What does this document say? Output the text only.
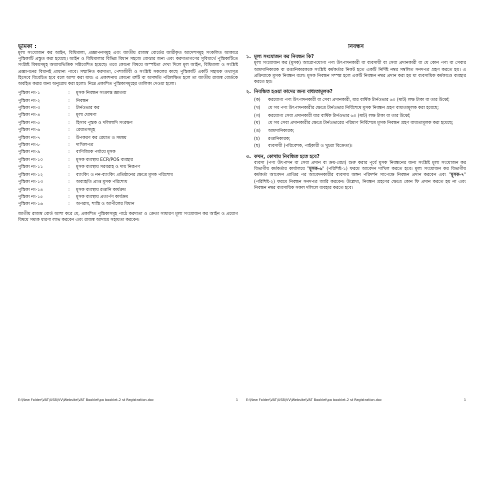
ভূমিকা :

মূল্য সংযোজন কর আইন, বিধিমালা, প্রজ্ঞাপনসমূহ এবং জাতীয় রাজস্ব বোর্ডের জারীকৃত আদেশসমূহ সংকলিত আকারে পুস্তিকাটি প্রস্তুত করা হয়েছে। আইন ও বিধিমালার বিভিন্ন বিধান সহজে বোঝার জন্য এবং করদাতাগণের সুবিধার্থে পুস্তিকাটিতে সংশ্লিষ্ট বিষয়সমূহ অধ্যায়ভিত্তিক সন্নিবেশিত হয়েছে। তবে কোনো বিষয়ে অস্পষ্টতা দেখা দিলে মূল আইন, বিধিমালা ও সংশ্লিষ্ট প্রজ্ঞাপনের বিধানই প্রাধান্য পাবে। সম্মানিত করদাতা, পেশাজীবী ও সংশ্লিষ্ট সকলের কাছে পুস্তিকাটি একটি সহায়ক তথ্যসূত্র হিসেবে বিবেচিত হবে বলে আশা করা যায়। এ প্রকাশনায় কোনো ত্রুটি বা অসঙ্গতি পরিলক্ষিত হলে তা জাতীয় রাজস্ব বোর্ডকে অবহিত করার জন্য অনুরোধ করা হলো। নিম্নে প্রকাশিত পুস্তিকাসমূহের তালিকা দেওয়া হলো।

পুস্তিকা নং-১	:	মূসক নিবন্ধন সংক্রান্ত জ্ঞাতব্য
পুস্তিকা নং-২	:	নিবন্ধন
পুস্তিকা নং-৩	:	টার্নওভার কর
পুস্তিকা নং-৪	:	মূল্য ঘোষণা
পুস্তিকা নং-৫	:	হিসাব পুস্তক ও দলিলাদি সংরক্ষণ
পুস্তিকা নং-৬	:	রেয়াতসমূহ
পুস্তিকা নং-৭	:	উপকরণ কর রেয়াত ও সমন্বয়
পুস্তিকা নং-৮	:	দাখিলপত্র
পুস্তিকা নং-৯	:	বাণিজ্যিক পর্যায়ে মূসক
পুস্তিকা নং-১০	:	মূসক ব্যবস্থায় ECR/POS ব্যবহার
পুস্তিকা নং-১১	:	মূসক ব্যবস্থায় সরবরাহ ও দায় নিরূপণ
পুস্তিকা নং-১২	:	ব্যাংকিং ও নন-ব্যাংকিং প্রতিষ্ঠানের ক্ষেত্রে মূসক পরিশোধ
পুস্তিকা নং-১৩	:	অব্যাহতি প্রাপ্ত মূসক পরিশোধ
পুস্তিকা নং-১৪	:	মূসক ব্যবস্থায় রপ্তানি কার্যক্রম
পুস্তিকা নং-১৫	:	মূসক ব্যবস্থায় প্রত্যর্পণ কার্যক্রম
পুস্তিকা নং-১৬	:	অপরাধ, শাস্তি ও আপীলের বিধান

জাতীয় রাজস্ব বোর্ড আশা করে যে, প্রকাশিত পুস্তিকাসমূহ পাঠে করদাতা ও ক্রেতা সাধারণ মূল্য সংযোজন কর আইন ও প্রয়োগ বিষয়ে সম্যক ধারণা লাভ করবেন এবং রাজস্ব আদায়ে সহায়তা করবেন।

নিবন্ধন
১. মূল্য সংযোজন কর নিবন্ধন কি?

মূল্য সংযোজন কর (মূসক) আরোপযোগ্য পণ্য উৎপাদনকারী বা ব্যবসায়ী বা সেবা প্রদানকারী বা যে কোন পণ্য বা সেবার আমদানিকারক বা রপ্তানিকারককে সংশ্লিষ্ট কর্মকর্তার নিকট হতে একটি নির্দিষ্ট নম্বর সম্বলিত সনদপত্র গ্রহণ করতে হয়। এ প্রক্রিয়াকে মূসক নিবন্ধন বলে। মূসক নিবন্ধন সম্পন্ন হলে একটি নিবন্ধন নম্বর প্রদান করা হয় যা ব্যবসায়িক কর্মকাণ্ডে ব্যবহার করতে হয়।

২. নিবন্ধিত হওয়া কাদের জন্য বাধ্যতামূলক?
(ক)	করযোগ্য পণ্য উৎপাদনকারী বা সেবা প্রদানকারী, যার বার্ষিক টার্নওভার ৬০ (ষাট) লক্ষ টাকা বা তার উর্ধ্বে;
(খ)	যে সব পণ্য উৎপাদনকারীর ক্ষেত্রে টার্নওভার নির্বিশেষে মূসক নিবন্ধন গ্রহণ বাধ্যতামূলক করা হয়েছে;
(গ)	করযোগ্য সেবা প্রদানকারী যার বার্ষিক টার্নওভার ৬০ (ষাট) লক্ষ টাকা বা তার উর্ধ্বে;
(ঘ)	যে সব সেবা প্রদানকারীর ক্ষেত্রে টার্নওভারের পরিমাণ নির্বিশেষে মূসক নিবন্ধন গ্রহণ বাধ্যতামূলক করা হয়েছে;
(ঙ)	আমদানিকারক;
(চ)	রপ্তানিকারক;
(ছ)	ব্যবসায়ী (পরিবেশক, পাইকারী ও খুচরা বিক্রেতা)।
৩. কখন, কোথায় নিবন্ধিত হতে হবে?

ব্যবসা (পণ্য উৎপাদন বা সেবা প্রদান বা ক্রয়-বেচা) শুরু করার পূর্বে মূসক নিবন্ধনের জন্য সংশ্লিষ্ট মূল্য সংযোজন কর বিভাগীয় কর্মকর্তার কার্যালয়ে "মূসক-৬" (পরিশিষ্ট-১) ফরমে আবেদন দাখিল করতে হবে। মূল্য সংযোজন কর বিভাগীয় কর্মকর্তা আবেদন প্রাপ্তির পর আবেদনকারীর ব্যবসায় অঙ্গন পরিদর্শন সাপেক্ষে নিবন্ধন প্রদান করবেন এবং "মূসক-৭" (পরিশিষ্ট-২) ফরমে নিবন্ধন সনদপত্র জারি করবেন। উল্লেখ্য, নিবন্ধন গ্রহণের ক্ষেত্রে কোন ফি প্রদান করতে হয় না এবং নিবন্ধন নম্বর ব্যবসায়িক সকল দলিলে ব্যবহার করতে হবে।

E:\New Folder\VAT\USB\VV\Website\VAT Booklet\pa booklet-2 st Registration.doc	1 E:\New Folder\VAT\USB\VV\Website\VAT Booklet\pa booklet-2 st Registration.doc	1
